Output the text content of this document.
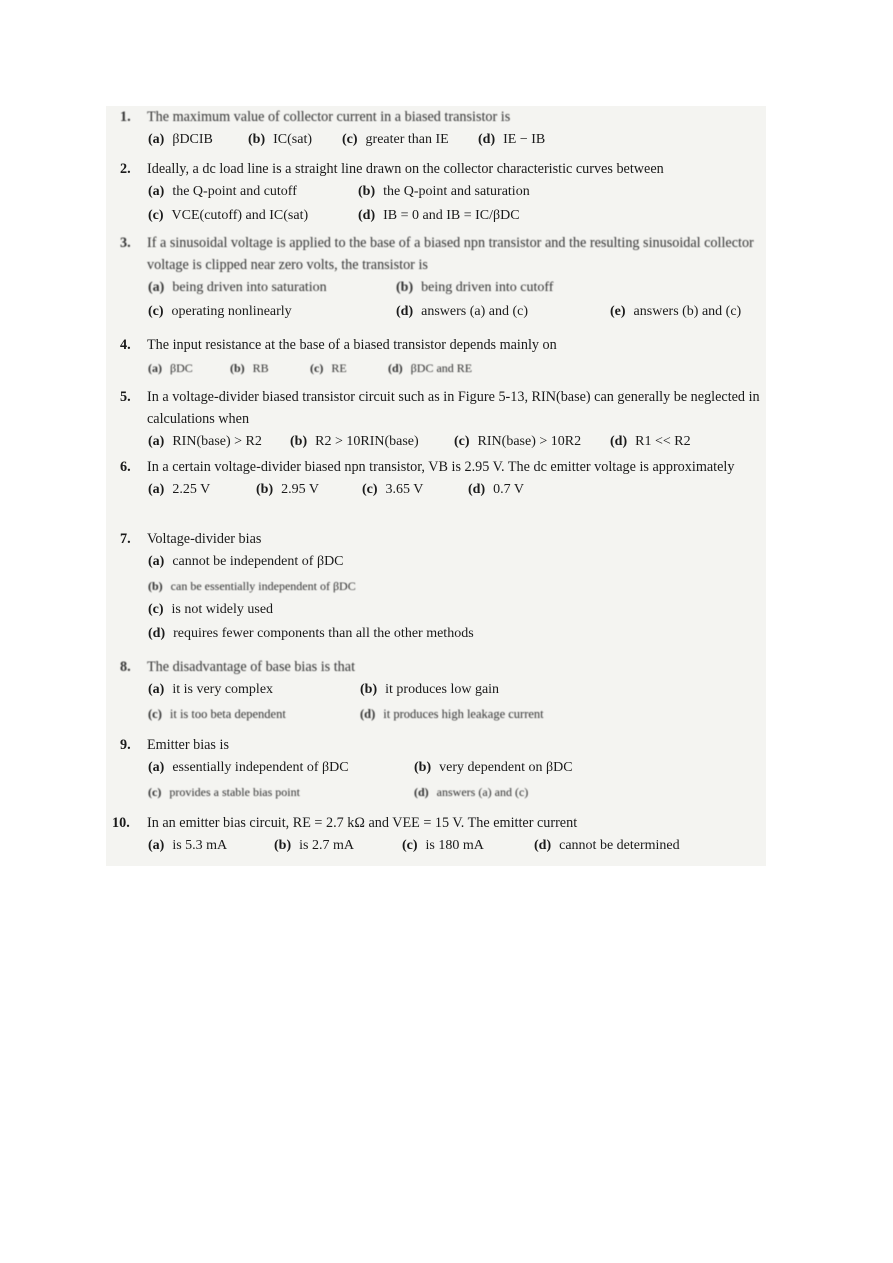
1. The maximum value of collector current in a biased transistor is
(a) βDCIB	(b) IC(sat) (c) greater than IE (d) IE − IB
2. Ideally, a dc load line is a straight line drawn on the collector characteristic curves between
(a) the Q-point and cutoff	(b) the Q-point and saturation
(c) VCE(cutoff) and IC(sat)	(d) IB = 0 and IB = IC/βDC
3. If a sinusoidal voltage is applied to the base of a biased npn transistor and the resulting sinusoidal collector voltage is clipped near zero volts, the transistor is
(a) being driven into saturation	(b) being driven into cutoff
(c) operating nonlinearly	(d) answers (a) and (c)	(e) answers (b) and (c)
4. The input resistance at the base of a biased transistor depends mainly on
(a) βDC	(b) RB	(c) RE	(d) βDC and RE
5. In a voltage-divider biased transistor circuit such as in Figure 5-13, RIN(base) can generally be neglected in calculations when
(a) RIN(base) > R2 (b) R2 > 10RIN(base)	(c) RIN(base) > 10R2 (d) R1 << R2
6. In a certain voltage-divider biased npn transistor, VB is 2.95 V. The dc emitter voltage is approximately
(a) 2.25 V	(b) 2.95 V	(c) 3.65 V	(d) 0.7 V
7. Voltage-divider bias
(a) cannot be independent of βDC
(b) can be essentially independent of βDC
(c) is not widely used
(d) requires fewer components than all the other methods
8. The disadvantage of base bias is that
(a) it is very complex	(b) it produces low gain
(c) it is too beta dependent	(d) it produces high leakage current
9. Emitter bias is
(a) essentially independent of βDC	(b) very dependent on βDC
(c) provides a stable bias point	(d) answers (a) and (c)
10. In an emitter bias circuit, RE = 2.7 kΩ and VEE = 15 V. The emitter current
(a) is 5.3 mA	(b) is 2.7 mA	(c) is 180 mA	(d) cannot be determined
